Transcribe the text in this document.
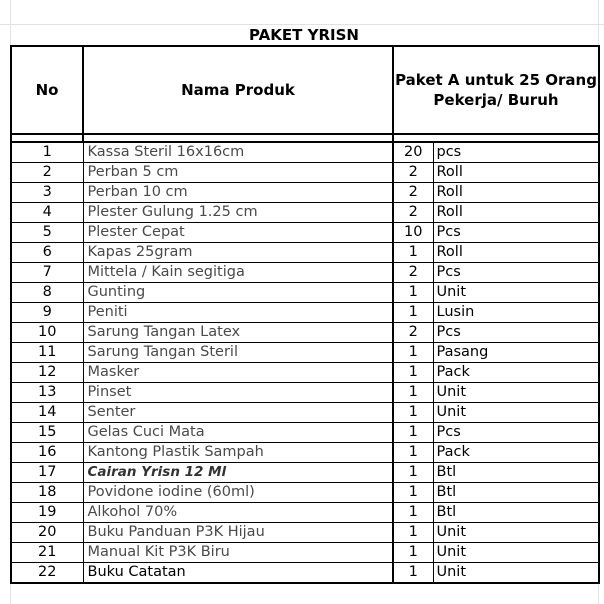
PAKET YRISN
No	Nama Produk	Paket A untuk 25 Orang Pekerja/ Buruh	

1	Kassa Steril 16x16cm	20	pcs
2	Perban 5 cm	2	Roll
3	Perban 10 cm	2	Roll
4	Plester Gulung 1.25 cm	2	Roll
5	Plester Cepat	10	Pcs
6	Kapas 25gram	1	Roll
7	Mittela / Kain segitiga	2	Pcs
8	Gunting	1	Unit
9	Peniti	1	Lusin
10	Sarung Tangan Latex	2	Pcs
11	Sarung Tangan Steril	1	Pasang
12	Masker	1	Pack
13	Pinset	1	Unit
14	Senter	1	Unit
15	Gelas Cuci Mata	1	Pcs
16	Kantong Plastik Sampah	1	Pack
17	Cairan Yrisn 12 Ml	1	Btl
18	Povidone iodine (60ml)	1	Btl
19	Alkohol 70%	1	Btl
20	Buku Panduan P3K Hijau	1	Unit
21	Manual Kit P3K Biru	1	Unit
22	Buku Catatan	1	Unit
